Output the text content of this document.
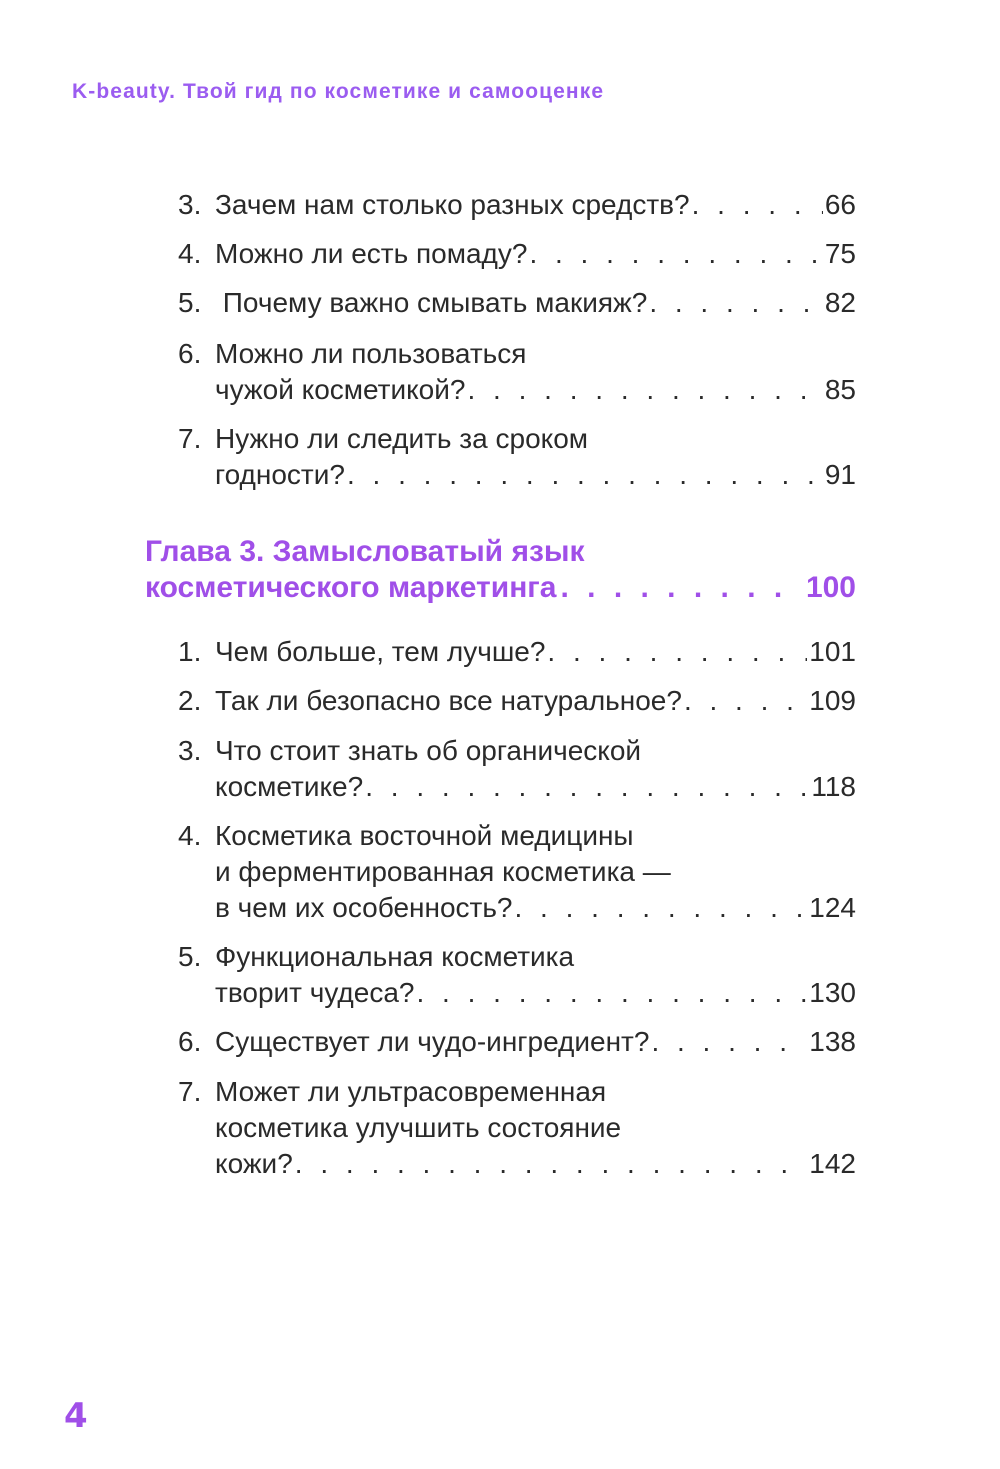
K-beauty. Твой гид по косметике и самооценке
3. Зачем нам столько разных средств? . . .	66
4. Можно ли есть помаду? . . .	75
5. Почему важно смывать макияж? . . .	82
6. Можно ли пользоваться
чужой косметикой? . . .	85
7. Нужно ли следить за сроком
годности? . . .	91
Глава 3. Замысловатый язык
косметического маркетинга . . .	100
1. Чем больше, тем лучше? . . .	101
2. Так ли безопасно все натуральное? . . .	109
3. Что стоит знать об органической
косметике? . . .	118
4. Косметика восточной медицины
и ферментированная косметика —
в чем их особенность? . . .	124
5. Функциональная косметика
творит чудеса? . . .	130
6. Существует ли чудо-ингредиент? . . .	138
7. Может ли ультрасовременная
косметика улучшить состояние
кожи? . . .	142
4
